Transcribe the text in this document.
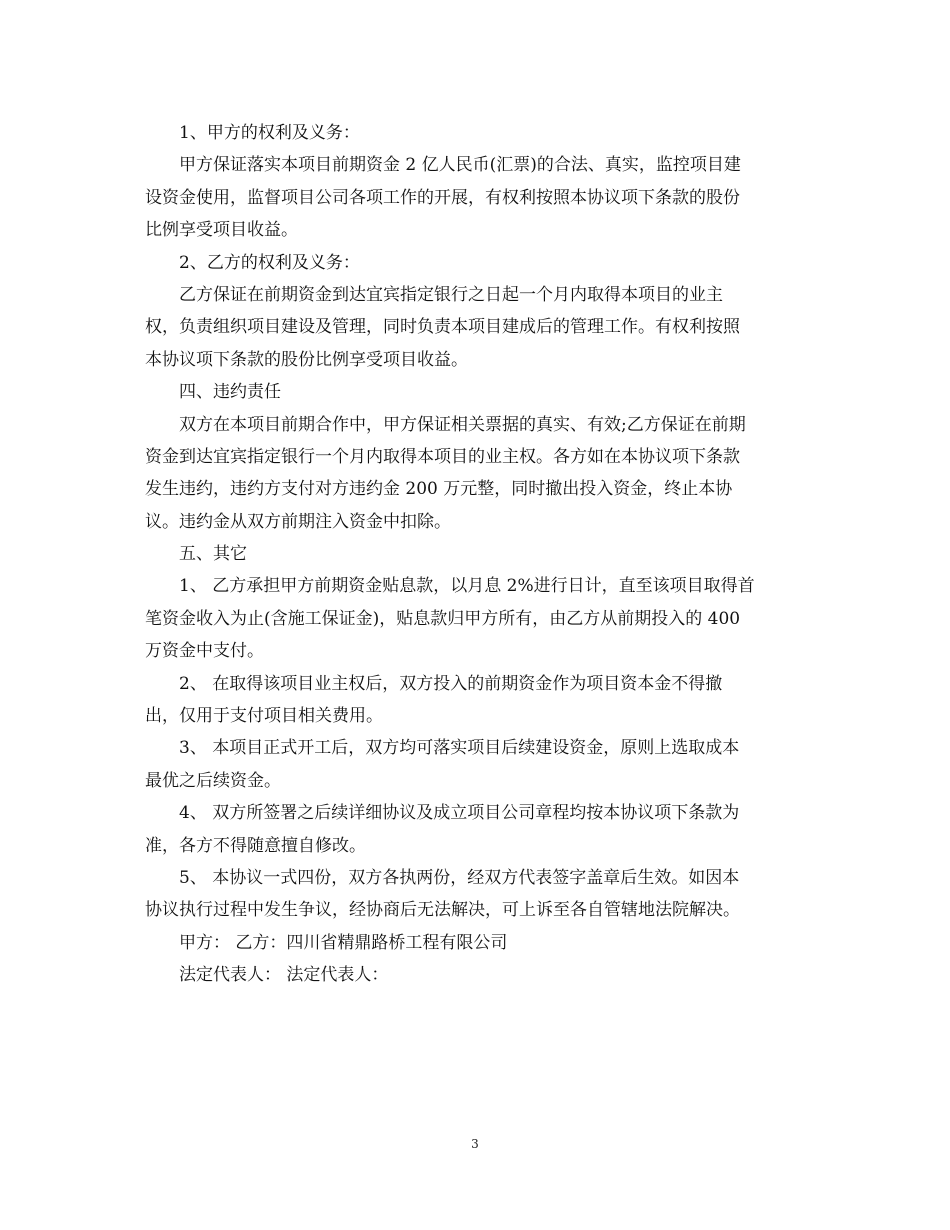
1、甲方的权利及义务：
甲方保证落实本项目前期资金 2 亿人民币(汇票)的合法、真实，监控项目建
设资金使用，监督项目公司各项工作的开展，有权利按照本协议项下条款的股份
比例享受项目收益。
2、乙方的权利及义务：
乙方保证在前期资金到达宜宾指定银行之日起一个月内取得本项目的业主
权，负责组织项目建设及管理，同时负责本项目建成后的管理工作。有权利按照
本协议项下条款的股份比例享受项目收益。
四、违约责任
双方在本项目前期合作中，甲方保证相关票据的真实、有效;乙方保证在前期
资金到达宜宾指定银行一个月内取得本项目的业主权。各方如在本协议项下条款
发生违约，违约方支付对方违约金 200 万元整，同时撤出投入资金，终止本协
议。违约金从双方前期注入资金中扣除。
五、其它
1、 乙方承担甲方前期资金贴息款，以月息 2%进行日计，直至该项目取得首
笔资金收入为止(含施工保证金)，贴息款归甲方所有，由乙方从前期投入的 400
万资金中支付。
2、 在取得该项目业主权后，双方投入的前期资金作为项目资本金不得撤
出，仅用于支付项目相关费用。
3、 本项目正式开工后，双方均可落实项目后续建设资金，原则上选取成本
最优之后续资金。
4、 双方所签署之后续详细协议及成立项目公司章程均按本协议项下条款为
准，各方不得随意擅自修改。
5、 本协议一式四份，双方各执两份，经双方代表签字盖章后生效。如因本
协议执行过程中发生争议，经协商后无法解决，可上诉至各自管辖地法院解决。
甲方： 乙方：四川省精鼎路桥工程有限公司
法定代表人： 法定代表人：
3
